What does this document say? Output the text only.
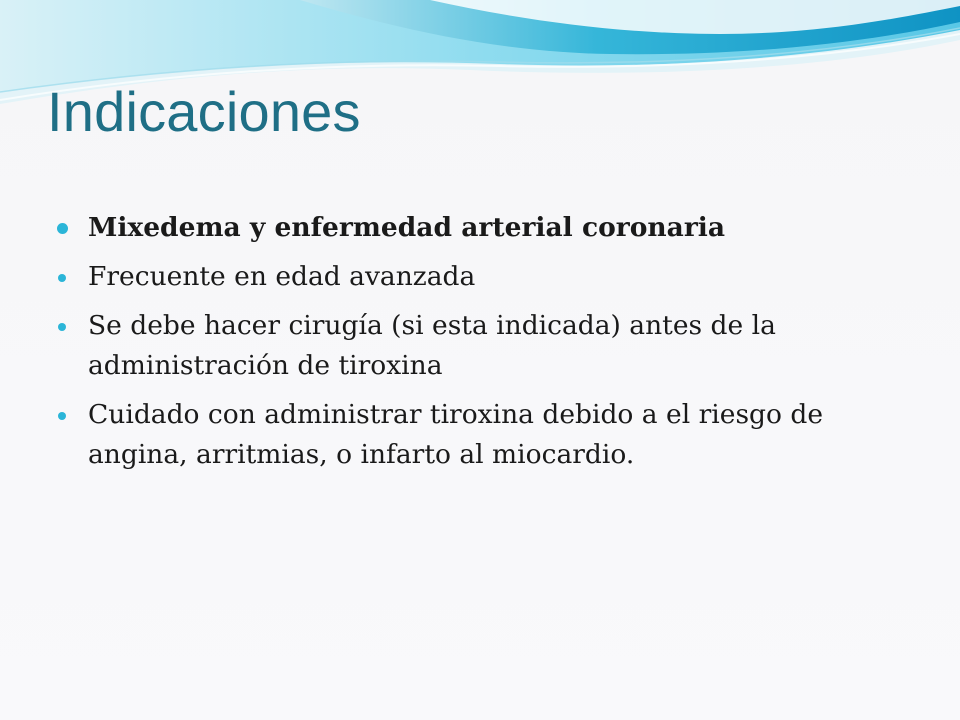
Indicaciones
Mixedema y enfermedad arterial coronaria
Frecuente en edad avanzada
Se debe hacer cirugía (si esta indicada) antes de la administración de tiroxina
Cuidado con administrar tiroxina debido a el riesgo de angina, arritmias, o infarto al miocardio.
